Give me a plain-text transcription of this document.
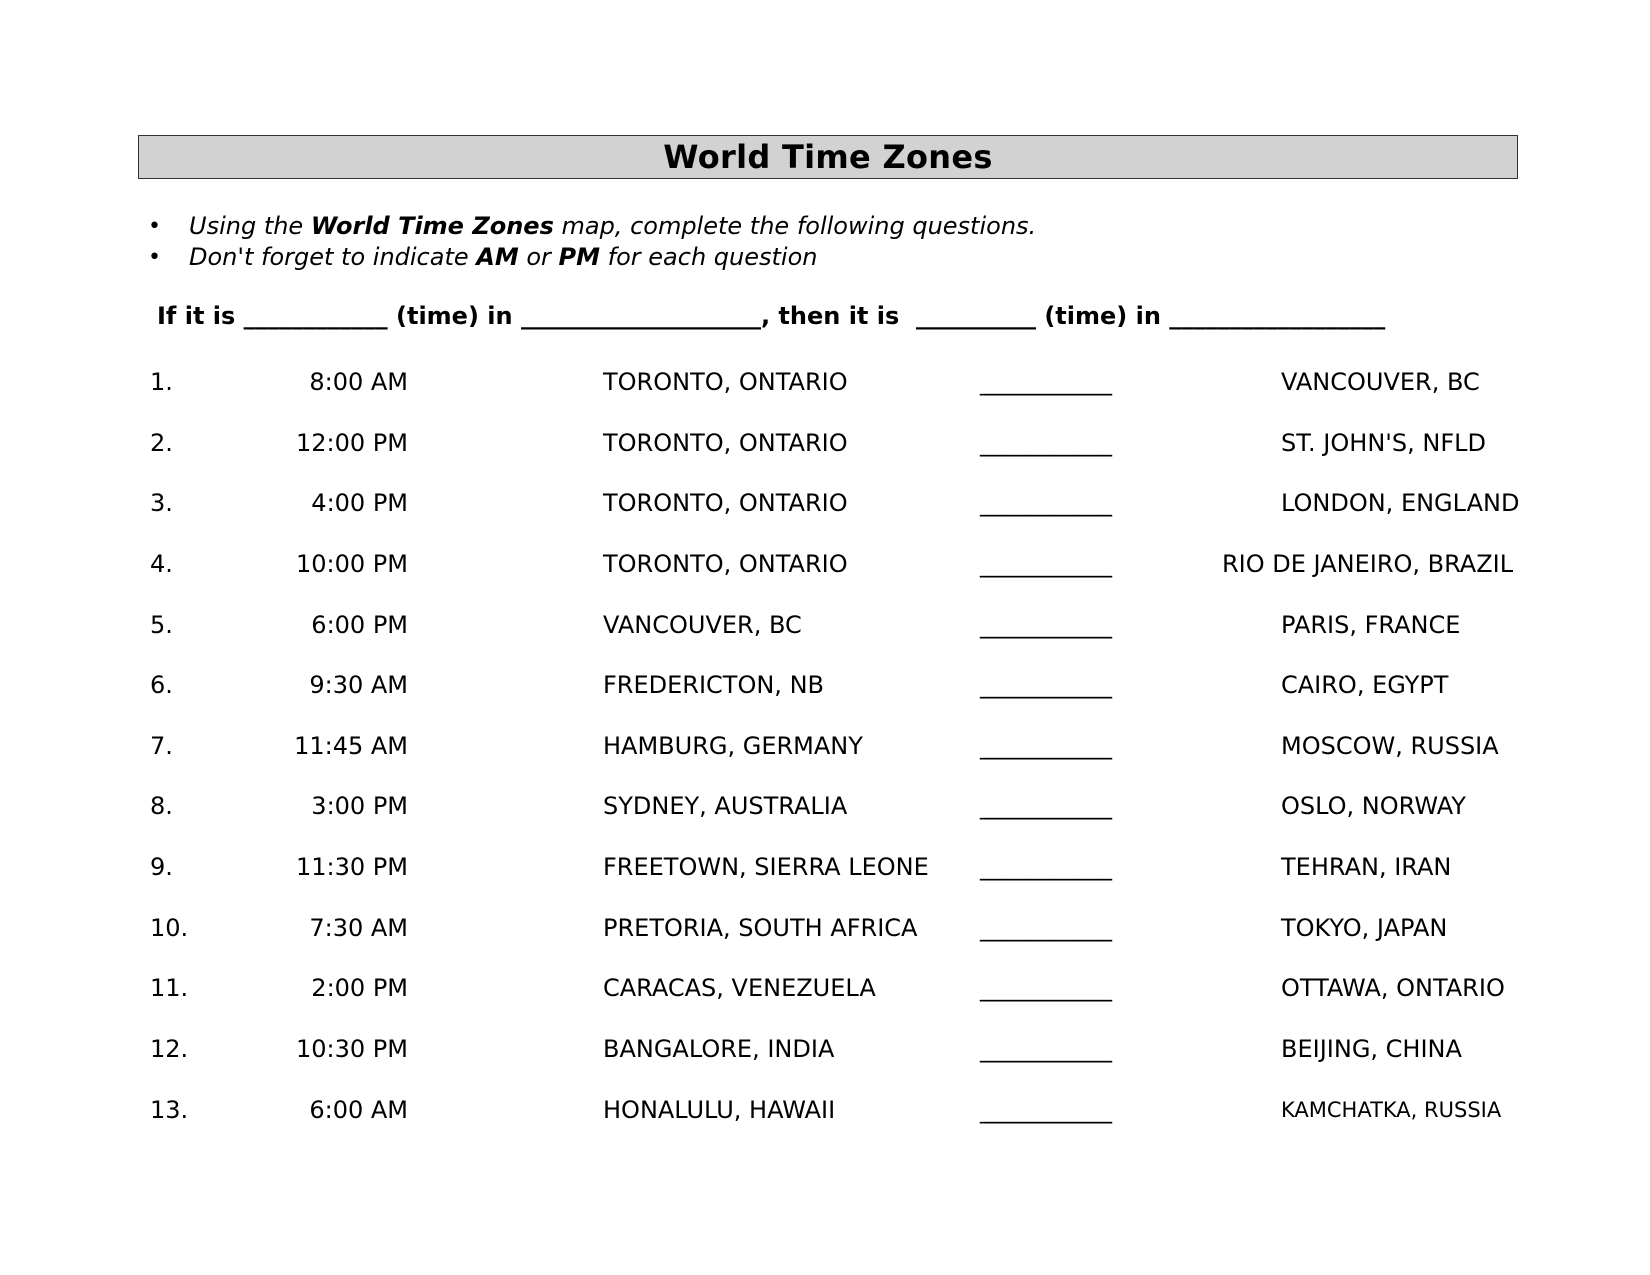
World Time Zones
• Using the World Time Zones map, complete the following questions.
• Don't forget to indicate AM or PM for each question
If it is ____________ (time) in ____________________, then it is  __________ (time) in __________________
1.	8:00 AM	TORONTO, ONTARIO	___________	VANCOUVER, BC
2.	12:00 PM	TORONTO, ONTARIO	___________	ST. JOHN'S, NFLD
3.	4:00 PM	TORONTO, ONTARIO	___________	LONDON, ENGLAND
4.	10:00 PM	TORONTO, ONTARIO	___________	RIO DE JANEIRO, BRAZIL
5.	6:00 PM	VANCOUVER, BC	___________	PARIS, FRANCE
6.	9:30 AM	FREDERICTON, NB	___________	CAIRO, EGYPT
7.	11:45 AM	HAMBURG, GERMANY	___________	MOSCOW, RUSSIA
8.	3:00 PM	SYDNEY, AUSTRALIA	___________	OSLO, NORWAY
9.	11:30 PM	FREETOWN, SIERRA LEONE ___________	TEHRAN, IRAN
10.	7:30 AM	PRETORIA, SOUTH AFRICA	___________	TOKYO, JAPAN
11.	2:00 PM	CARACAS, VENEZUELA	___________	OTTAWA, ONTARIO
12.	10:30 PM	BANGALORE, INDIA	___________	BEIJING, CHINA
13.	6:00 AM	HONALULU, HAWAII	___________	KAMCHATKA, RUSSIA
